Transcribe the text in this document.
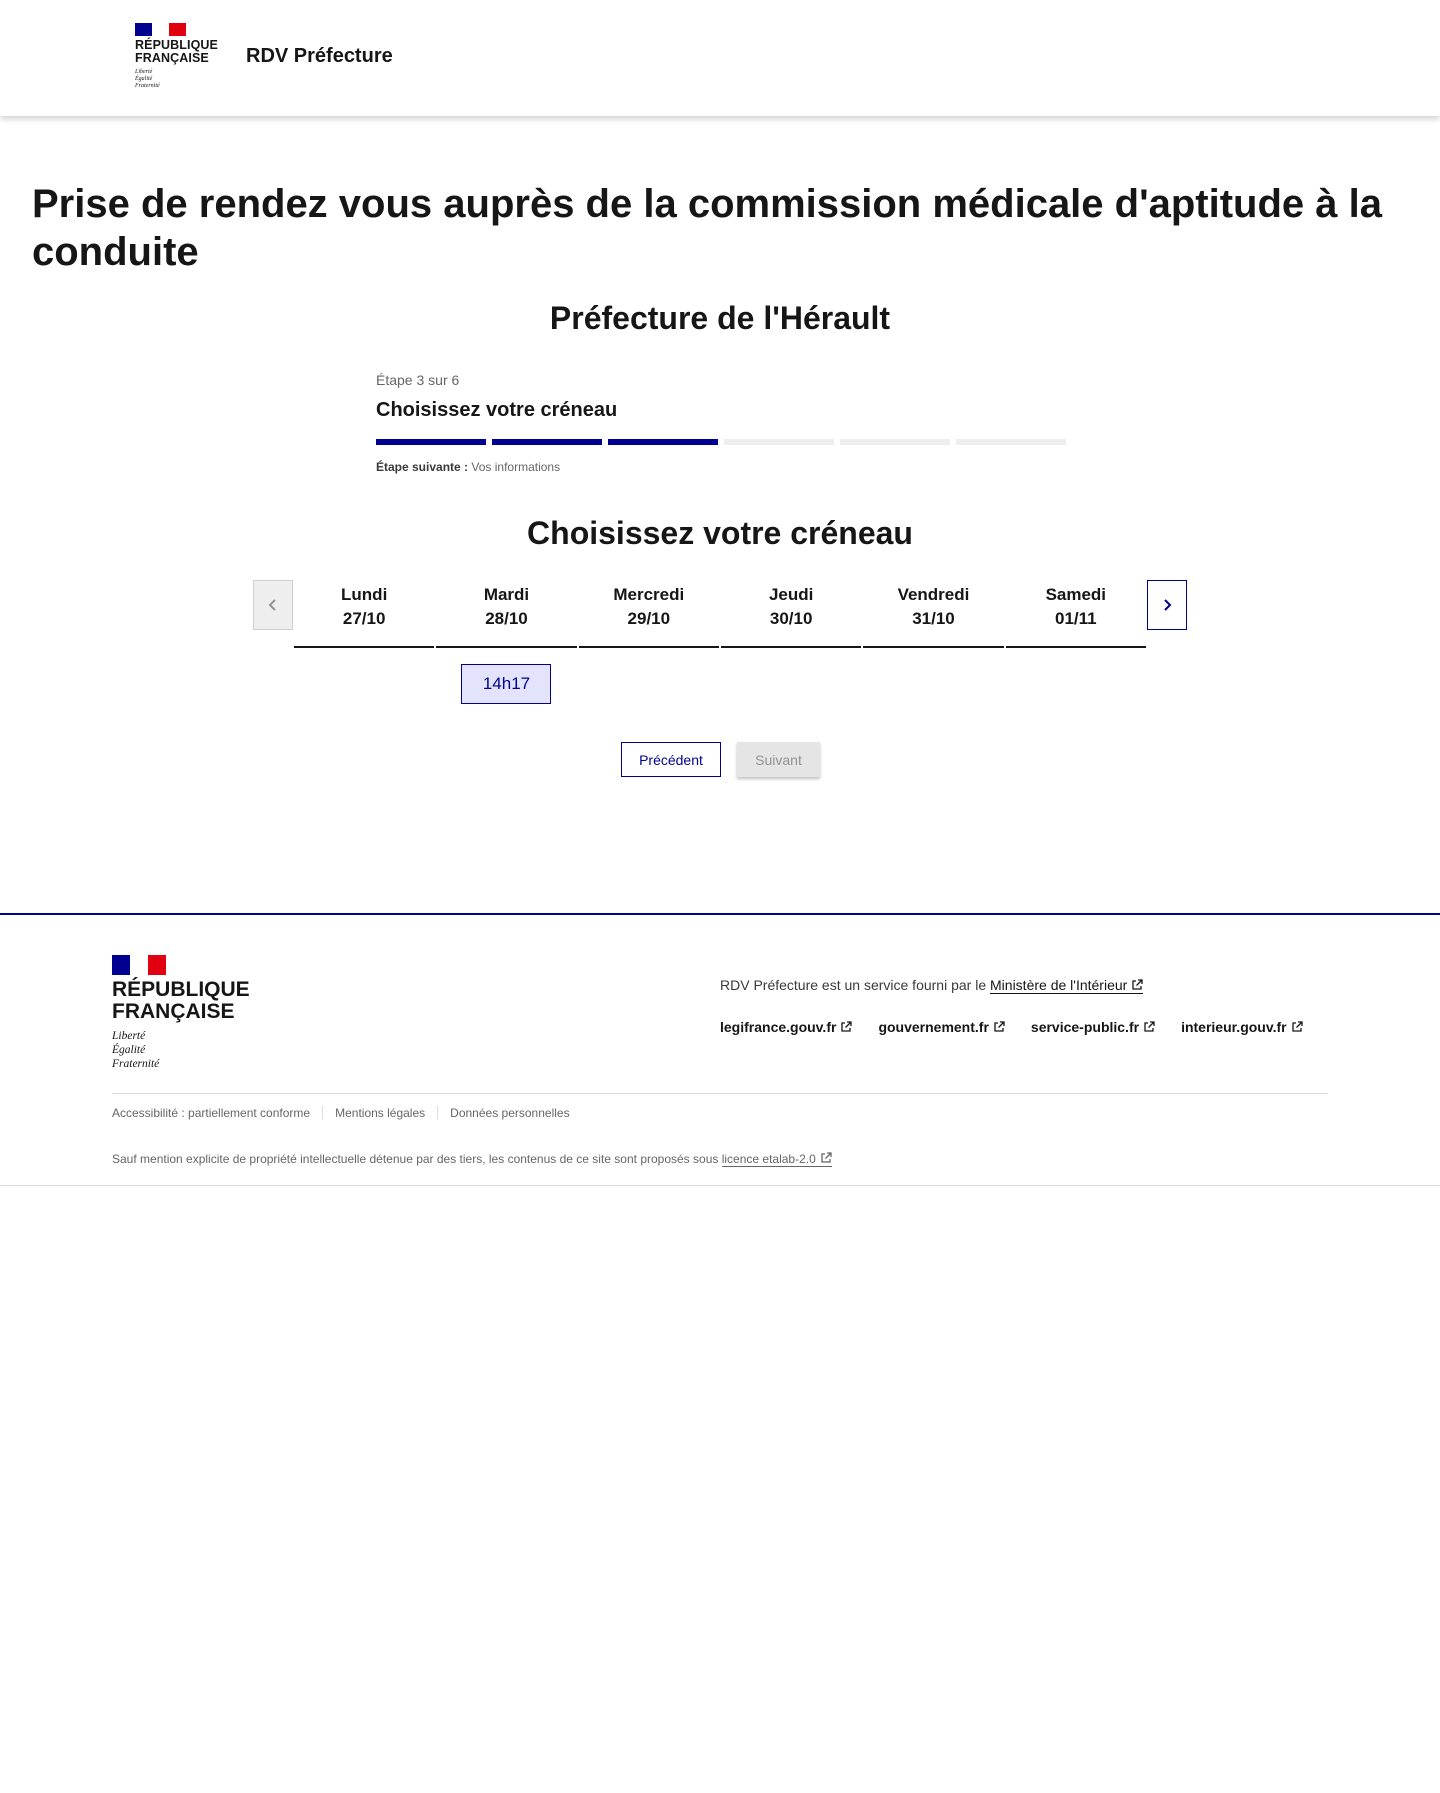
RÉPUBLIQUE
FRANÇAISE
Liberté
Égalité
Fraternité
RDV Préfecture
Prise de rendez vous auprès de la commission médicale d'aptitude à la conduite
Préfecture de l'Hérault
Étape 3 sur 6
Choisissez votre créneau
Étape suivante : Vos informations
Choisissez votre créneau
Lundi
27/10
Mardi
28/10
14h17
Mercredi
29/10
Jeudi
30/10
Vendredi
31/10
Samedi
01/11
Précédent	Suivant
RÉPUBLIQUE
FRANÇAISE
Liberté
Égalité
Fraternité
RDV Préfecture est un service fourni par le Ministère de l'Intérieur
legifrance.gouv.fr	gouvernement.fr	service-public.fr	interieur.gouv.fr
Accessibilité : partiellement conforme	Mentions légales	Données personnelles
Sauf mention explicite de propriété intellectuelle détenue par des tiers, les contenus de ce site sont proposés sous licence etalab-2.0
